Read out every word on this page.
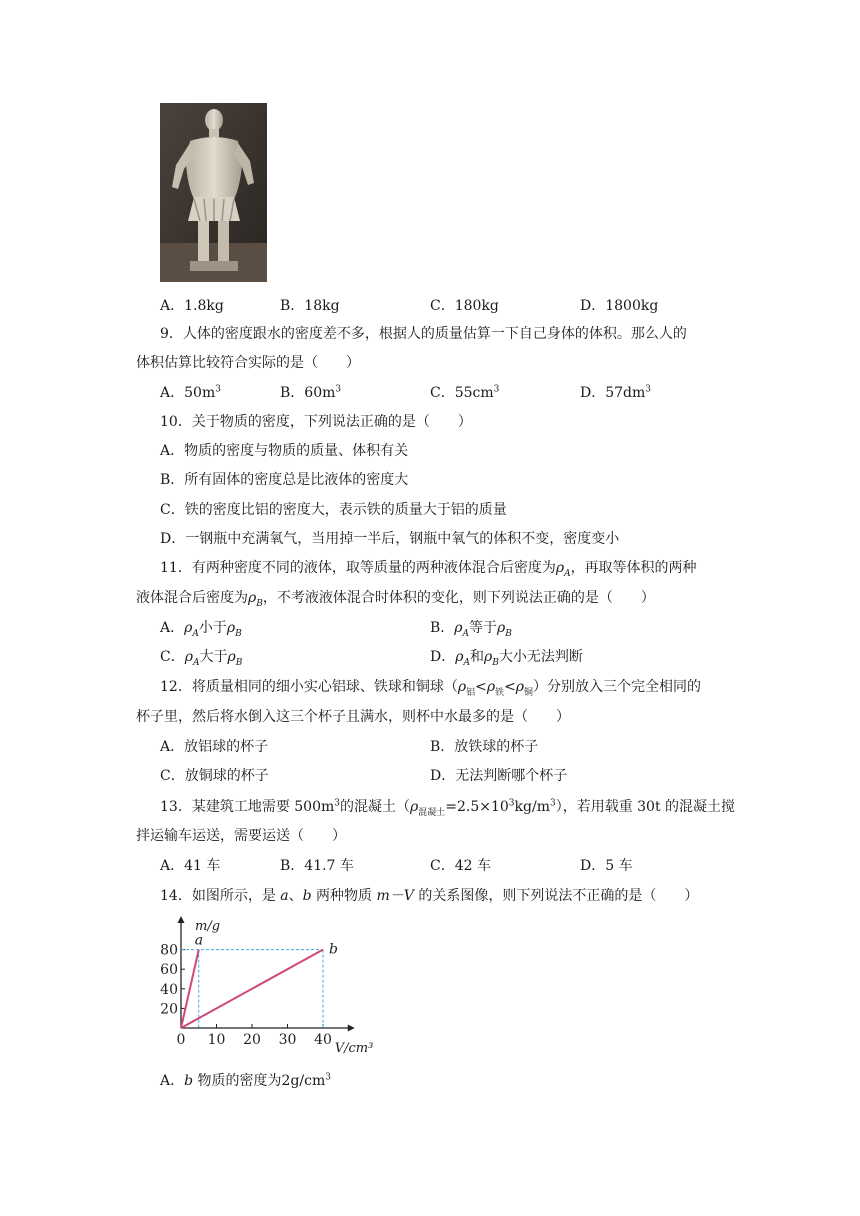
A．1.8kg	B．18kg	C．180kg	D．1800kg
9．人体的密度跟水的密度差不多，根据人的质量估算一下自己身体的体积。那么人的
体积估算比较符合实际的是（　　）
A．$50m^3$	B．$60m^3$	C．$55cm^3$	D．$57dm^3$
10．关于物质的密度，下列说法正确的是（　　）
A．物质的密度与物质的质量、体积有关
B．所有固体的密度总是比液体的密度大
C．铁的密度比铝的密度大，表示铁的质量大于铝的质量
D．一钢瓶中充满氧气，当用掉一半后，钢瓶中氧气的体积不变，密度变小
11．有两种密度不同的液体，取等质量的两种液体混合后密度为$\rho_A$，再取等体积的两种
液体混合后密度为$\rho_B$，不考液液体混合时体积的变化，则下列说法正确的是（　　）
A．$\rho_A$小于$\rho_B$	B．$\rho_A$等于$\rho_B$
C．$\rho_A$大于$\rho_B$	D．$\rho_A$和$\rho_B$大小无法判断
12．将质量相同的细小实心铝球、铁球和铜球$(\rho_铝<\rho_铁<\rho_铜)$分别放入三个完全相同的
杯子里，然后将水倒入这三个杯子且满水，则杯中水最多的是（　　）
A．放铝球的杯子	B．放铁球的杯子
C．放铜球的杯子	D．无法判断哪个杯子
13．某建筑工地需要 $500m^3$的混凝土$(\rho_{混凝土}=2.5\times 10^3kg/m^3)$，若用载重 30t 的混凝土搅
拌运输车运送，需要运送（　　）
A．41 车	B．41.7 车	C．42 车	D．5 车
14．如图所示，是 a、b 两种物质 m－V 的关系图像，则下列说法不正确的是（　　）
0 10 20 30 40
20
40
60
80
m/g
V/cm³
a
b
A．b 物质的密度为$2g/cm^3$
